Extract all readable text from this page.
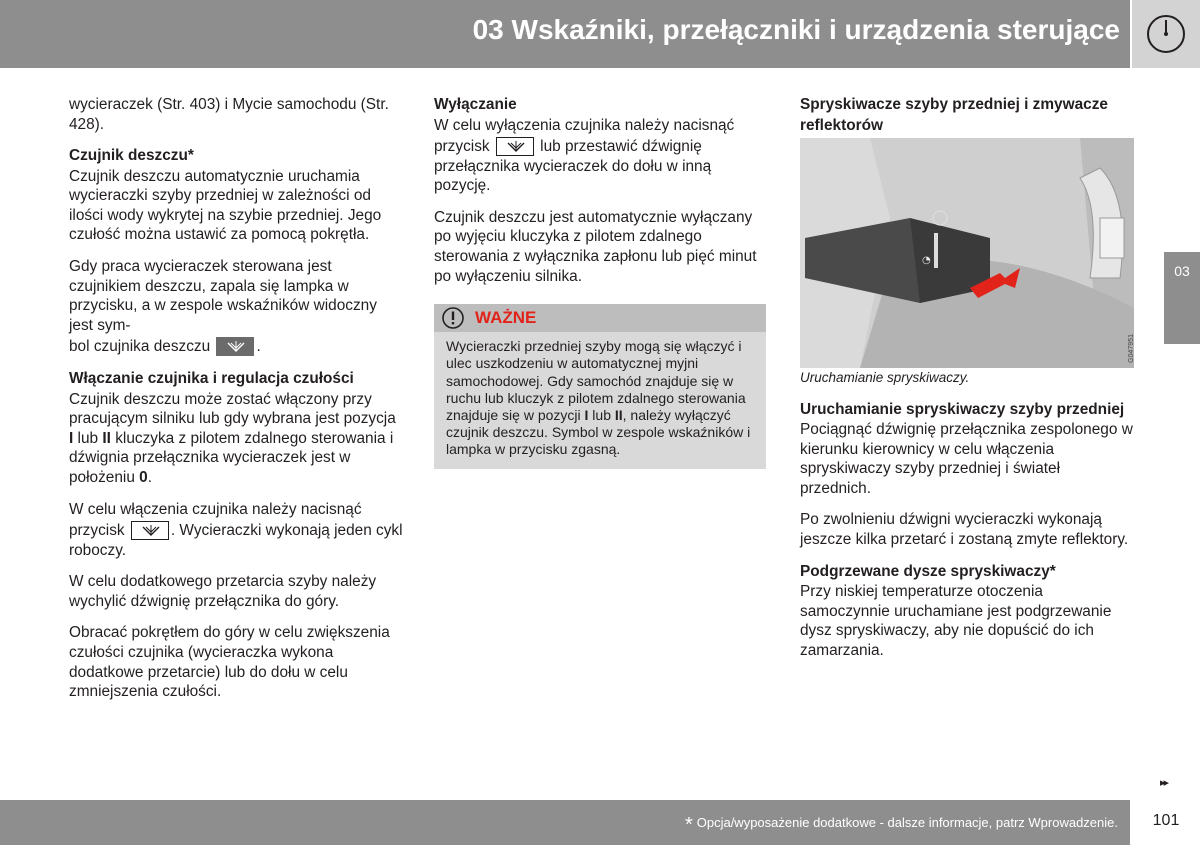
03 Wskaźniki, przełączniki i urządzenia sterujące
03

wycieraczek (Str. 403) i Mycie samochodu (Str. 428).

Czujnik deszczu*

Czujnik deszczu automatycznie uruchamia wycieraczki szyby przedniej w zależności od ilości wody wykrytej na szybie przedniej. Jego czułość można ustawić za pomocą pokrętła.

Gdy praca wycieraczek sterowana jest czujnikiem deszczu, zapala się lampka w przycisku, a w zespole wskaźników widoczny jest sym-

bol czujnika deszczu	.

Włączanie czujnika i regulacja czułości

Czujnik deszczu może zostać włączony przy pracującym silniku lub gdy wybrana jest pozycja I lub II kluczyka z pilotem zdalnego sterowania i dźwignia przełącznika wycieraczek jest w położeniu 0.

W celu włączenia czujnika należy nacisnąć

przycisk	. Wycieraczki wykonają jeden cykl roboczy.

W celu dodatkowego przetarcia szyby należy wychylić dźwignię przełącznika do góry.

Obracać pokrętłem do góry w celu zwiększenia czułości czujnika (wycieraczka wykona dodatkowe przetarcie) lub do dołu w celu zmniejszenia czułości.

Wyłączanie

W celu wyłączenia czujnika należy nacisnąć

przycisk	lub przestawić dźwignię przełącznika wycieraczek do dołu w inną pozycję.

Czujnik deszczu jest automatycznie wyłączany po wyjęciu kluczyka z pilotem zdalnego sterowania z wyłącznika zapłonu lub pięć minut po wyłączeniu silnika.

WAŻNE
Wycieraczki przedniej szyby mogą się włączyć i ulec uszkodzeniu w automatycznej myjni samochodowej. Gdy samochód znajduje się w ruchu lub kluczyk z pilotem zdalnego sterowania znajduje się w pozycji I lub II, należy wyłączyć czujnik deszczu. Symbol w zespole wskaźników i lampka w przycisku zgasną.
Spryskiwacze szyby przedniej i zmywacze reflektorów
◔
G047951

Uruchamianie spryskiwaczy.

Uruchamianie spryskiwaczy szyby przedniej

Pociągnąć dźwignię przełącznika zespolonego w kierunku kierownicy w celu włączenia spryskiwaczy szyby przedniej i świateł przednich.

Po zwolnieniu dźwigni wycieraczki wykonają jeszcze kilka przetarć i zostaną zmyte reflektory.

Podgrzewane dysze spryskiwaczy*

Przy niskiej temperaturze otoczenia samoczynnie uruchamiane jest podgrzewanie dysz spryskiwaczy, aby nie dopuścić do ich zamarzania.

▸▸
* Opcja/wyposażenie dodatkowe - dalsze informacje, patrz Wprowadzenie.	101
